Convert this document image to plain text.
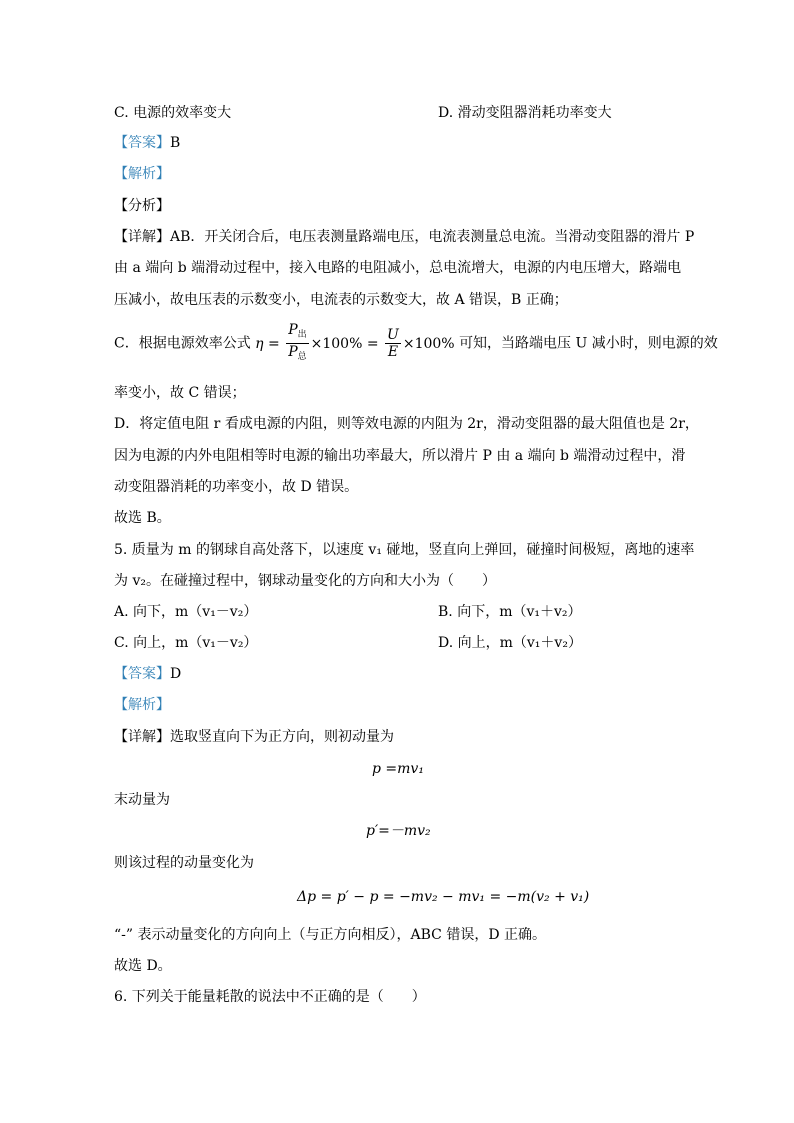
C. 电源的效率变大	D. 滑动变阻器消耗功率变大
【答案】B
【解析】
【分析】
【详解】AB．开关闭合后，电压表测量路端电压，电流表测量总电流。当滑动变阻器的滑片 P
由 a 端向 b 端滑动过程中，接入电路的电阻减小，总电流增大，电源的内电压增大，路端电
压减小，故电压表的示数变小，电流表的示数变大，故 A 错误，B 正确；
C．根据电源效率公式 $\eta = \frac{P_出}{P_总} \times 100\% = \frac{U}{E} \times 100\%$ 可知，当路端电压 U 减小时，则电源的效
率变小，故 C 错误；
D．将定值电阻 r 看成电源的内阻，则等效电源的内阻为 2r，滑动变阻器的最大阻值也是 2r，
因为电源的内外电阻相等时电源的输出功率最大，所以滑片 P 由 a 端向 b 端滑动过程中，滑
动变阻器消耗的功率变小，故 D 错误。
故选 B。
5. 质量为 m 的钢球自高处落下，以速度 v₁ 碰地，竖直向上弹回，碰撞时间极短，离地的速率
为 v₂。在碰撞过程中，钢球动量变化的方向和大小为（　　）
A. 向下，m（v₁－v₂）	B. 向下，m（v₁＋v₂）
C. 向上，m（v₁－v₂）	D. 向上，m（v₁＋v₂）
【答案】D
【解析】
【详解】选取竖直向下为正方向，则初动量为
p =mv₁
末动量为
p′=－mv₂
则该过程的动量变化为
Δp = p′ − p = −mv₂ − mv₁ = −m(v₂ + v₁)
“-” 表示动量变化的方向向上（与正方向相反），ABC 错误，D 正确。
故选 D。
6. 下列关于能量耗散的说法中不正确的是（　　）
